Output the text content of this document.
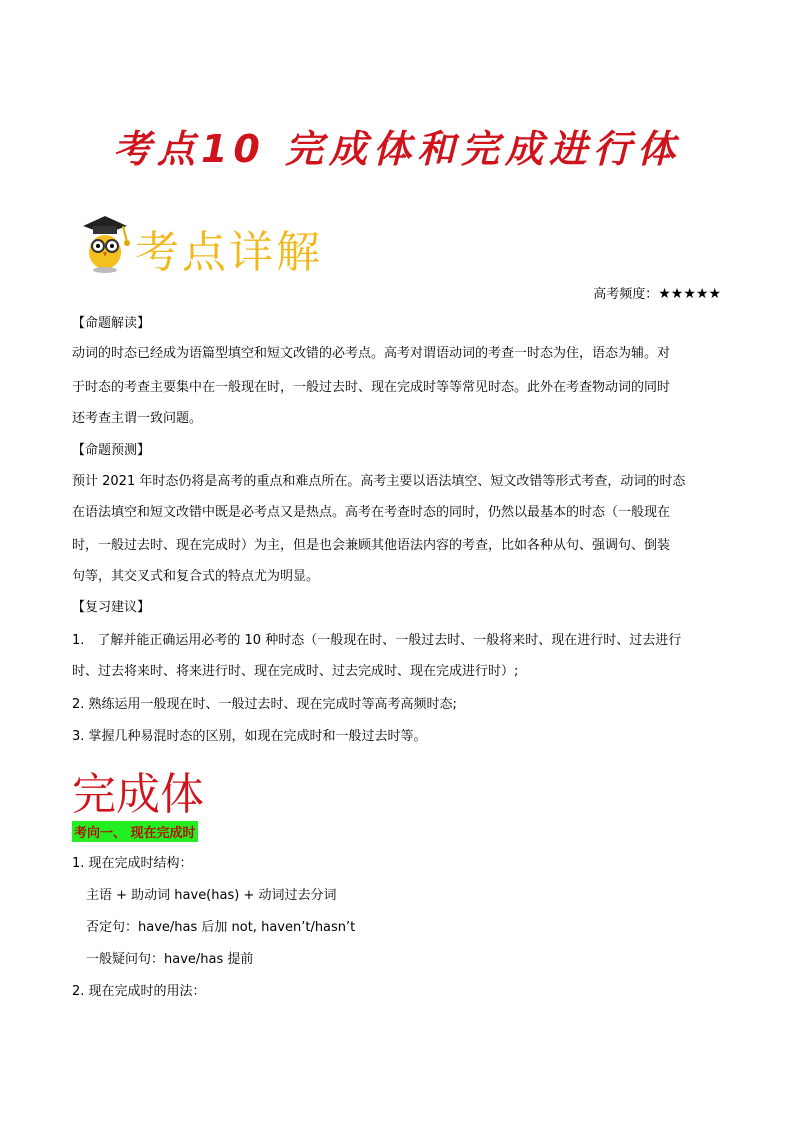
考点10 完成体和完成进行体
考点详解
高考频度：★★★★★
【命题解读】
动词的时态已经成为语篇型填空和短文改错的必考点。高考对谓语动词的考查一时态为住，语态为辅。对
于时态的考查主要集中在一般现在时，一般过去时、现在完成时等等常见时态。此外在考查物动词的同时
还考查主谓一致问题。
【命题预测】
预计 2021 年时态仍将是高考的重点和难点所在。高考主要以语法填空、短文改错等形式考查，动词的时态
在语法填空和短文改错中既是必考点又是热点。高考在考查时态的同时，仍然以最基本的时态（一般现在
时，一般过去时、现在完成时）为主，但是也会兼顾其他语法内容的考查，比如各种从句、强调句、倒装
句等，其交叉式和复合式的特点尤为明显。
【复习建议】
1.　了解并能正确运用必考的 10 种时态（一般现在时、一般过去时、一般将来时、现在进行时、过去进行
时、过去将来时、将来进行时、现在完成时、过去完成时、现在完成进行时）;
2. 熟练运用一般现在时、一般过去时、现在完成时等高考高频时态;
3. 掌握几种易混时态的区别，如现在完成时和一般过去时等。
完成体
考向一、 现在完成时
1. 现在完成时结构：
主语 + 助动词 have(has) + 动词过去分词
否定句：have/has 后加 not, haven’t/hasn’t
一般疑问句：have/has 提前
2. 现在完成时的用法：
